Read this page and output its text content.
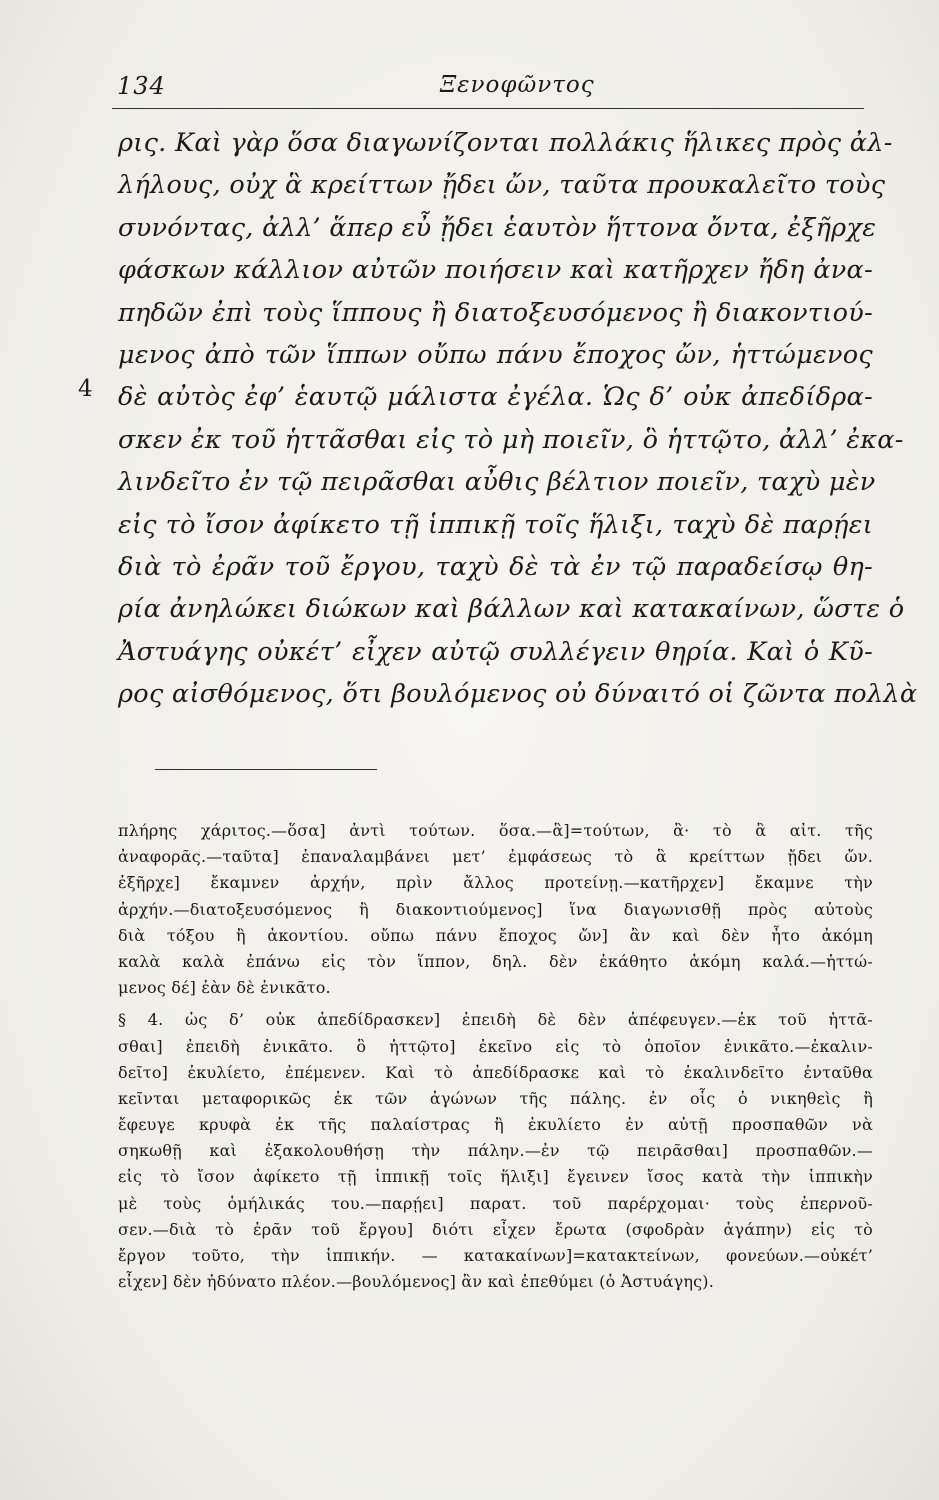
134	Ξενοφῶντος
ρις. Καὶ γὰρ ὅσα διαγωνίζονται πολλάκις ἥλικες πρὸς ἀλ-
λήλους, οὐχ ἃ κρείττων ᾔδει ὤν, ταῦτα προυκαλεῖτο τοὺς
συνόντας, ἀλλ’ ἅπερ εὖ ᾔδει ἑαυτὸν ἥττονα ὄντα, ἐξῆρχε
φάσκων κάλλιον αὐτῶν ποιήσειν καὶ κατῆρχεν ἤδη ἀνα-
πηδῶν ἐπὶ τοὺς ἵππους ἢ διατοξευσόμενος ἢ διακοντιού-
μενος ἀπὸ τῶν ἵππων οὔπω πάνυ ἔποχος ὤν, ἡττώμενος
4 δὲ αὐτὸς ἐφ’ ἑαυτῷ μάλιστα ἐγέλα. Ὡς δ’ οὐκ ἀπεδίδρα-
σκεν ἐκ τοῦ ἡττᾶσθαι εἰς τὸ μὴ ποιεῖν, ὃ ἡττῷτο, ἀλλ’ ἐκα-
λινδεῖτο ἐν τῷ πειρᾶσθαι αὖθις βέλτιον ποιεῖν, ταχὺ μὲν
εἰς τὸ ἴσον ἀφίκετο τῇ ἱππικῇ τοῖς ἥλιξι, ταχὺ δὲ παρῄει
διὰ τὸ ἐρᾶν τοῦ ἔργου, ταχὺ δὲ τὰ ἐν τῷ παραδείσῳ θη-
ρία ἀνηλώκει διώκων καὶ βάλλων καὶ κατακαίνων, ὥστε ὁ
Ἀστυάγης οὐκέτ’ εἶχεν αὐτῷ συλλέγειν θηρία. Καὶ ὁ Κῦ-
ρος αἰσθόμενος, ὅτι βουλόμενος οὐ δύναιτό οἱ ζῶντα πολλὰ
πλήρης χάριτος.—ὅσα] ἀντὶ τούτων. ὅσα.—ἃ]=τούτων, ἃ· τὸ ἃ αἰτ. τῆς
ἀναφορᾶς.—ταῦτα] ἐπαναλαμβάνει μετ’ ἐμφάσεως τὸ ἃ κρείττων ᾔδει ὤν.
ἐξῆρχε] ἔκαμνεν ἀρχήν, πρὶν ἄλλος προτείνῃ.—κατῆρχεν] ἔκαμνε τὴν
ἀρχήν.—διατοξευσόμενος ἢ διακοντιούμενος] ἵνα διαγωνισθῇ πρὸς αὐτοὺς
διὰ τόξου ἢ ἀκοντίου. οὔπω πάνυ ἔποχος ὤν] ἂν καὶ δὲν ἦτο ἀκόμη
καλὰ καλὰ ἐπάνω εἰς τὸν ἵππον, δηλ. δὲν ἐκάθητο ἀκόμη καλά.—ἡττώ-
μενος δέ] ἐὰν δὲ ἐνικᾶτο.
§ 4. ὡς δ’ οὐκ ἀπεδίδρασκεν] ἐπειδὴ δὲ δὲν ἀπέφευγεν.—ἐκ τοῦ ἡττᾶ-
σθαι] ἐπειδὴ ἐνικᾶτο. ὃ ἡττῷτο] ἐκεῖνο εἰς τὸ ὁποῖον ἐνικᾶτο.—ἐκαλιν-
δεῖτο] ἐκυλίετο, ἐπέμενεν. Καὶ τὸ ἀπεδίδρασκε καὶ τὸ ἐκαλινδεῖτο ἐνταῦθα
κεῖνται μεταφορικῶς ἐκ τῶν ἀγώνων τῆς πάλης. ἐν οἷς ὁ νικηθεὶς ἢ
ἔφευγε κρυφὰ ἐκ τῆς παλαίστρας ἢ ἐκυλίετο ἐν αὐτῇ προσπαθῶν νὰ
σηκωθῇ καὶ ἐξακολουθήσῃ τὴν πάλην.—ἐν τῷ πειρᾶσθαι] προσπαθῶν.—
εἰς τὸ ἴσον ἀφίκετο τῇ ἱππικῇ τοῖς ἥλιξι] ἔγεινεν ἴσος κατὰ τὴν ἱππικὴν
μὲ τοὺς ὁμήλικάς του.—παρῄει] παρατ. τοῦ παρέρχομαι· τοὺς ἐπερνοῦ-
σεν.—διὰ τὸ ἐρᾶν τοῦ ἔργου] διότι εἶχεν ἔρωτα (σφοδρὰν ἀγάπην) εἰς τὸ
ἔργον τοῦτο, τὴν ἱππικήν. — κατακαίνων]=κατακτείνων, φονεύων.—οὐκέτ’
εἶχεν] δὲν ἠδύνατο πλέον.—βουλόμενος] ἂν καὶ ἐπεθύμει (ὁ Ἀστυάγης).
